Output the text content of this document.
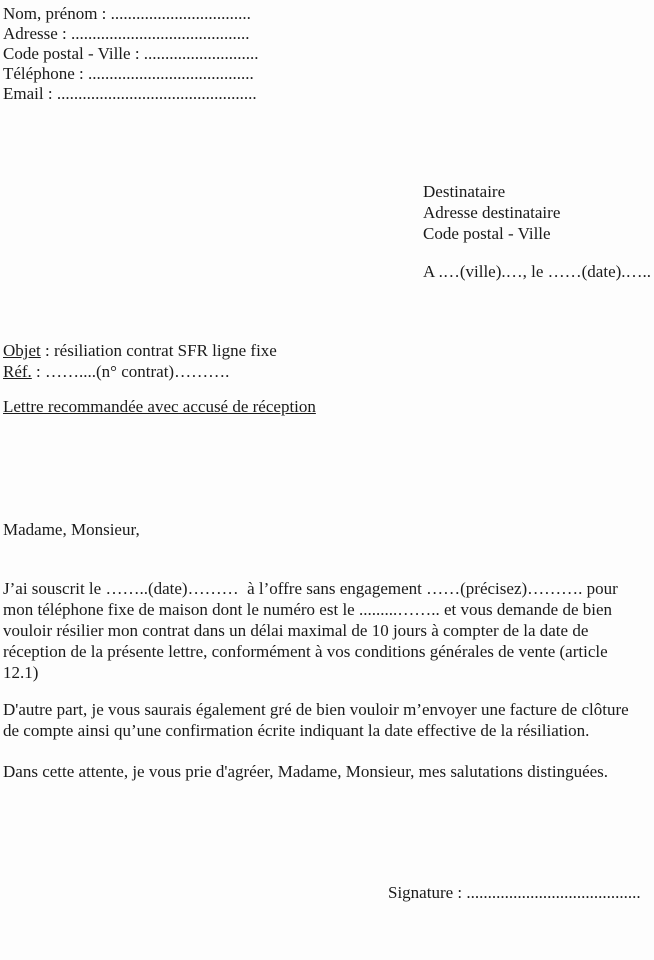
Nom, prénom : .................................
Adresse : ..........................................
Code postal - Ville : ...........................
Téléphone : .......................................
Email : ...............................................
Destinataire
Adresse destinataire
Code postal - Ville
A .…(ville).…, le ……(date).…..
Objet : résiliation contrat SFR ligne fixe
Réf. : ……....(n° contrat)……….
Lettre recommandée avec accusé de réception
Madame, Monsieur,
J’ai souscrit le ……..(date)………  à l’offre sans engagement ……(précisez)………. pour
mon téléphone fixe de maison dont le numéro est le .........…….. et vous demande de bien
vouloir résilier mon contrat dans un délai maximal de 10 jours à compter de la date de
réception de la présente lettre, conformément à vos conditions générales de vente (article
12.1)
D'autre part, je vous saurais également gré de bien vouloir m’envoyer une facture de clôture
de compte ainsi qu’une confirmation écrite indiquant la date effective de la résiliation.
Dans cette attente, je vous prie d'agréer, Madame, Monsieur, mes salutations distinguées.
Signature : .........................................
